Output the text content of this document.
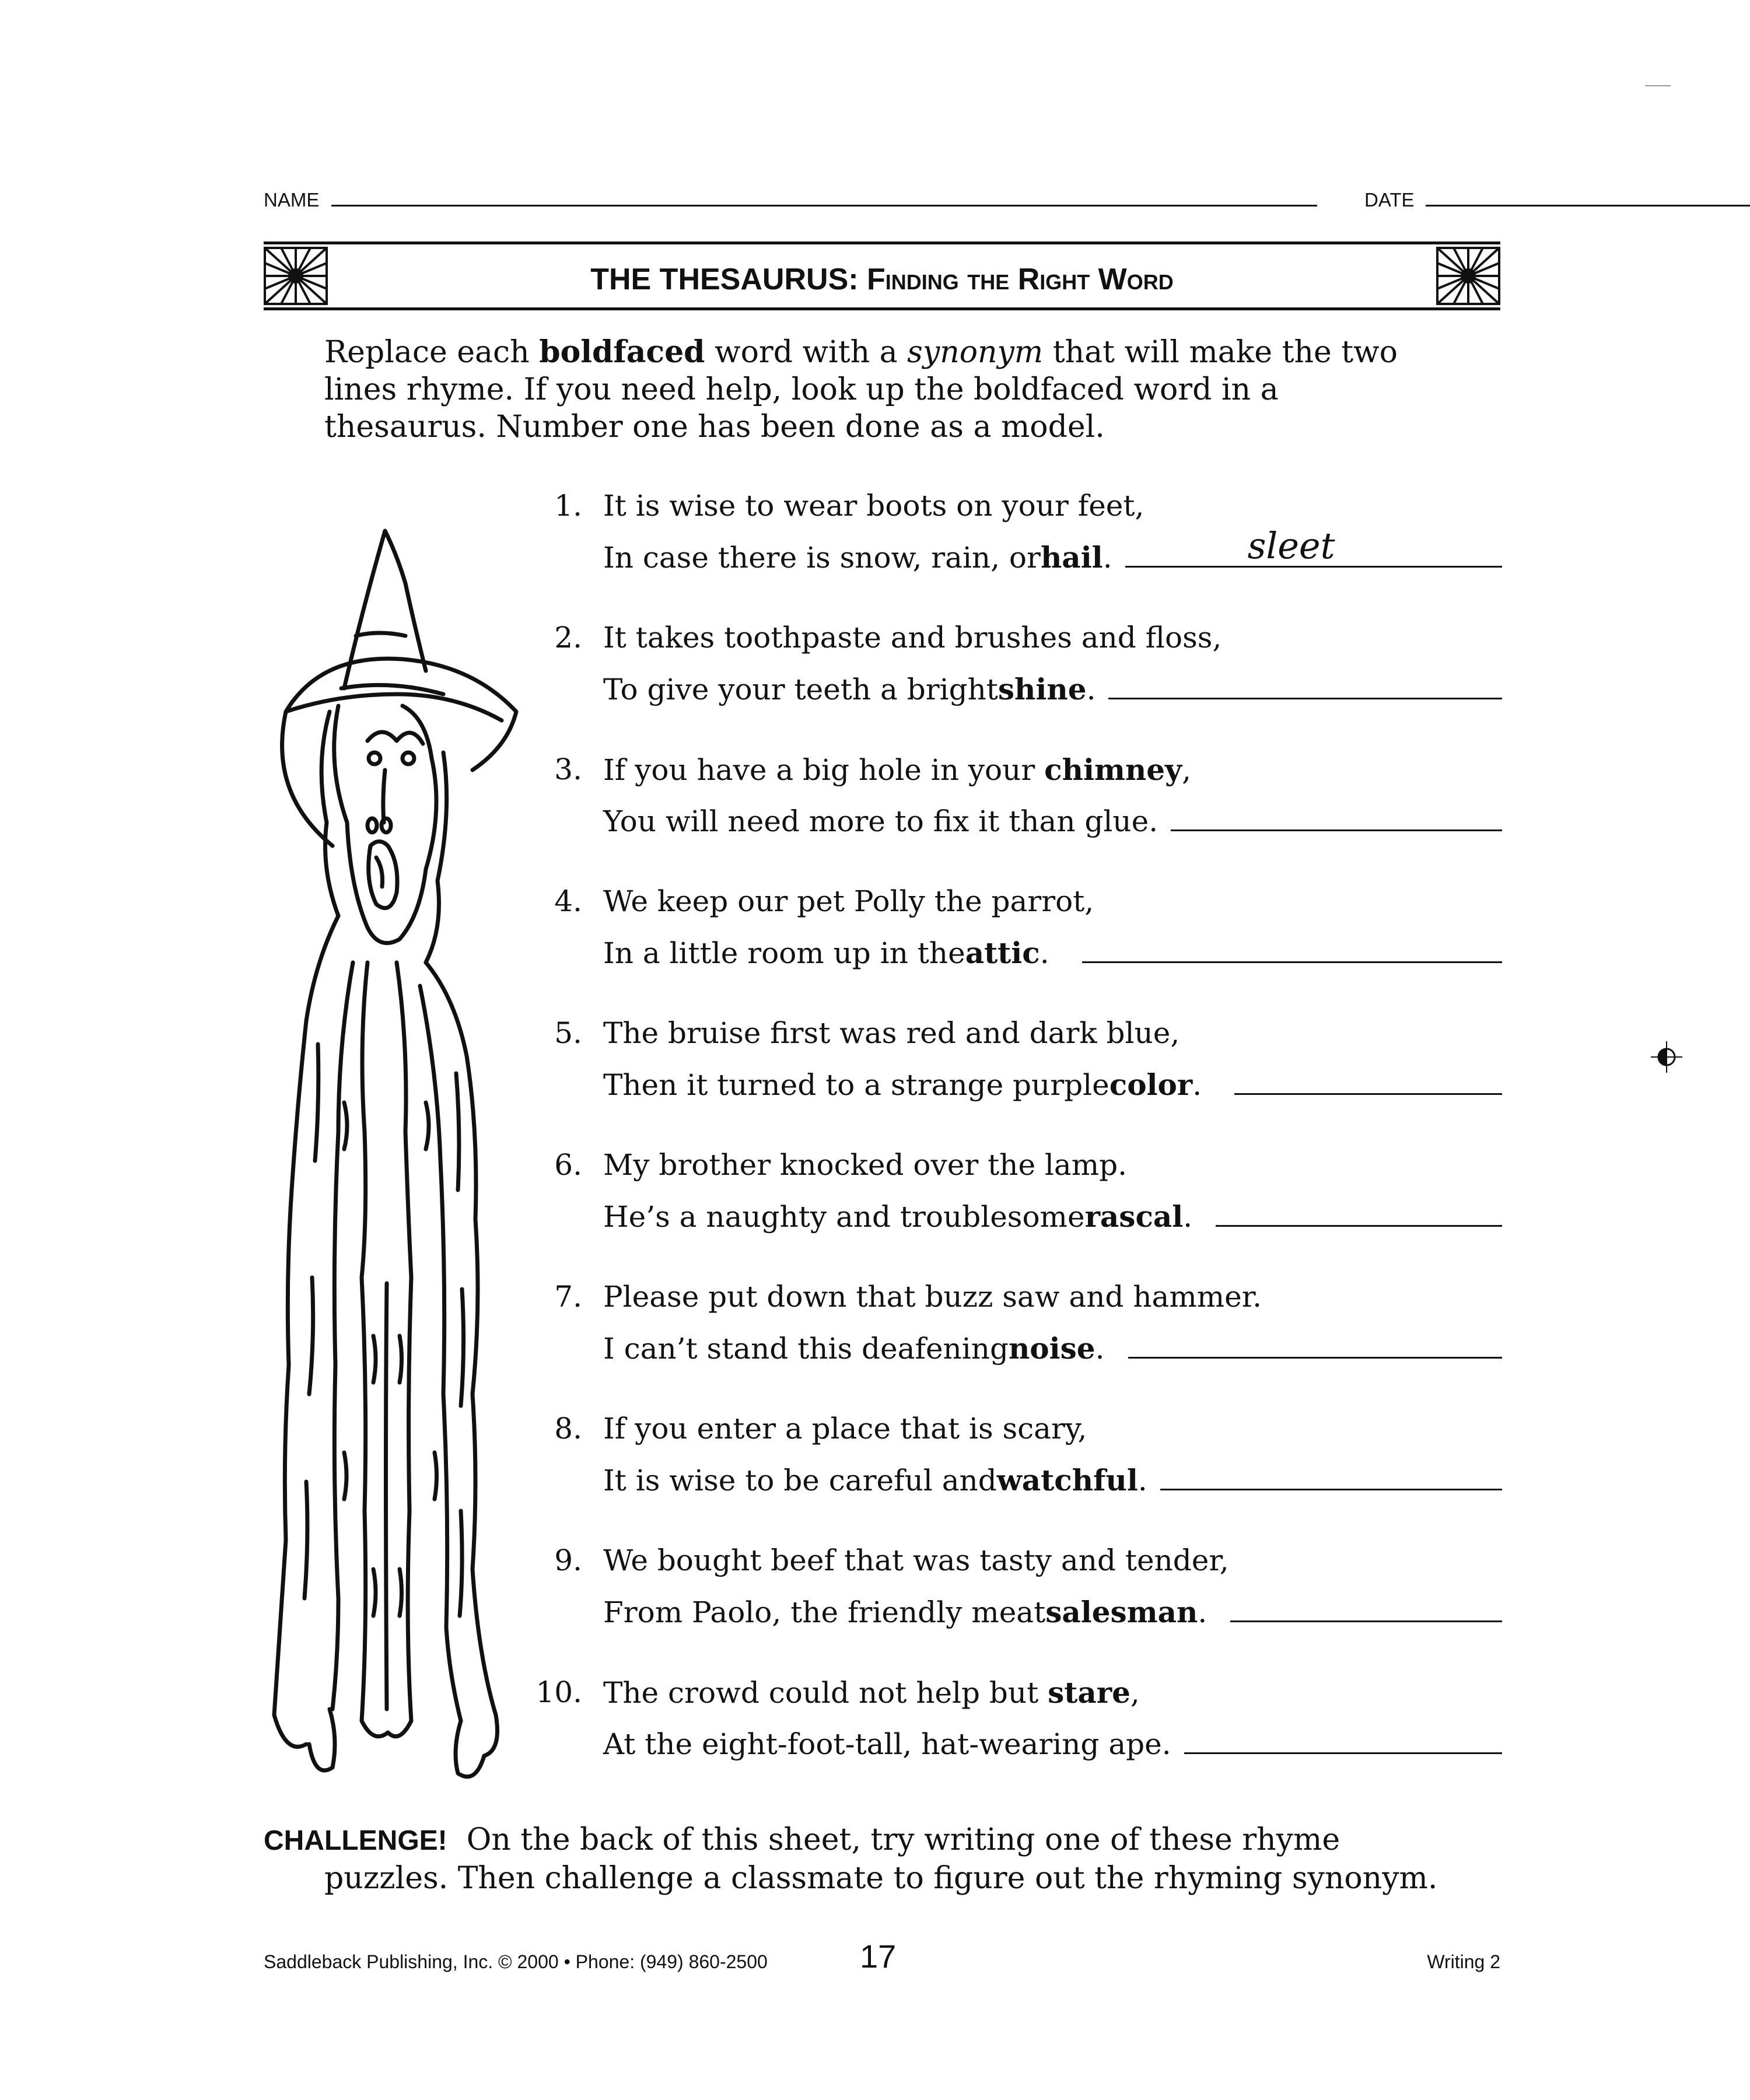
NAME	DATE
THE THESAURUS: Finding the Right Word
Replace each boldfaced word with a synonym that will make the two lines rhyme. If you need help, look up the boldfaced word in a thesaurus. Number one has been done as a model.
1. It is wise to wear boots on your feet,
In case there is snow, rain, or hail .	sleet
2. It takes toothpaste and brushes and floss,
To give your teeth a bright shine .
3. If you have a big hole in your chimney,
You will need more to fix it than glue.
4. We keep our pet Polly the parrot,
In a little room up in the attic .
5. The bruise first was red and dark blue,
Then it turned to a strange purple color .
6. My brother knocked over the lamp.
He’s a naughty and troublesome rascal .
7. Please put down that buzz saw and hammer.
I can’t stand this deafening noise .
8. If you enter a place that is scary,
It is wise to be careful and watchful .
9. We bought beef that was tasty and tender,
From Paolo, the friendly meat salesman .
10. The crowd could not help but stare,
At the eight-foot-tall, hat-wearing ape.
CHALLENGE! On the back of this sheet, try writing one of these rhyme
puzzles. Then challenge a classmate to figure out the rhyming synonym.
Saddleback Publishing, Inc. © 2000 • Phone: (949) 860-2500	17	Writing 2
